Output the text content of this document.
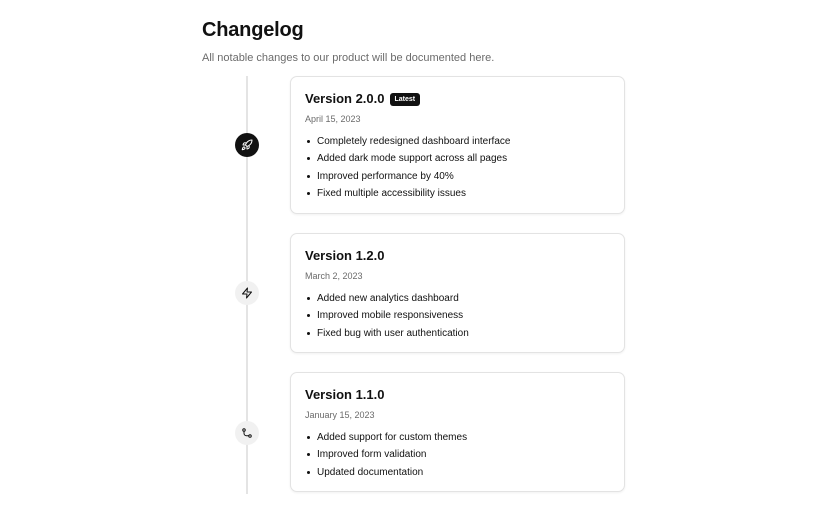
Changelog
All notable changes to our product will be documented here.
Version 2.0.0	Latest
April 15, 2023
Completely redesigned dashboard interface
Added dark mode support across all pages
Improved performance by 40%
Fixed multiple accessibility issues
Version 1.2.0
March 2, 2023
Added new analytics dashboard
Improved mobile responsiveness
Fixed bug with user authentication
Version 1.1.0
January 15, 2023
Added support for custom themes
Improved form validation
Updated documentation
